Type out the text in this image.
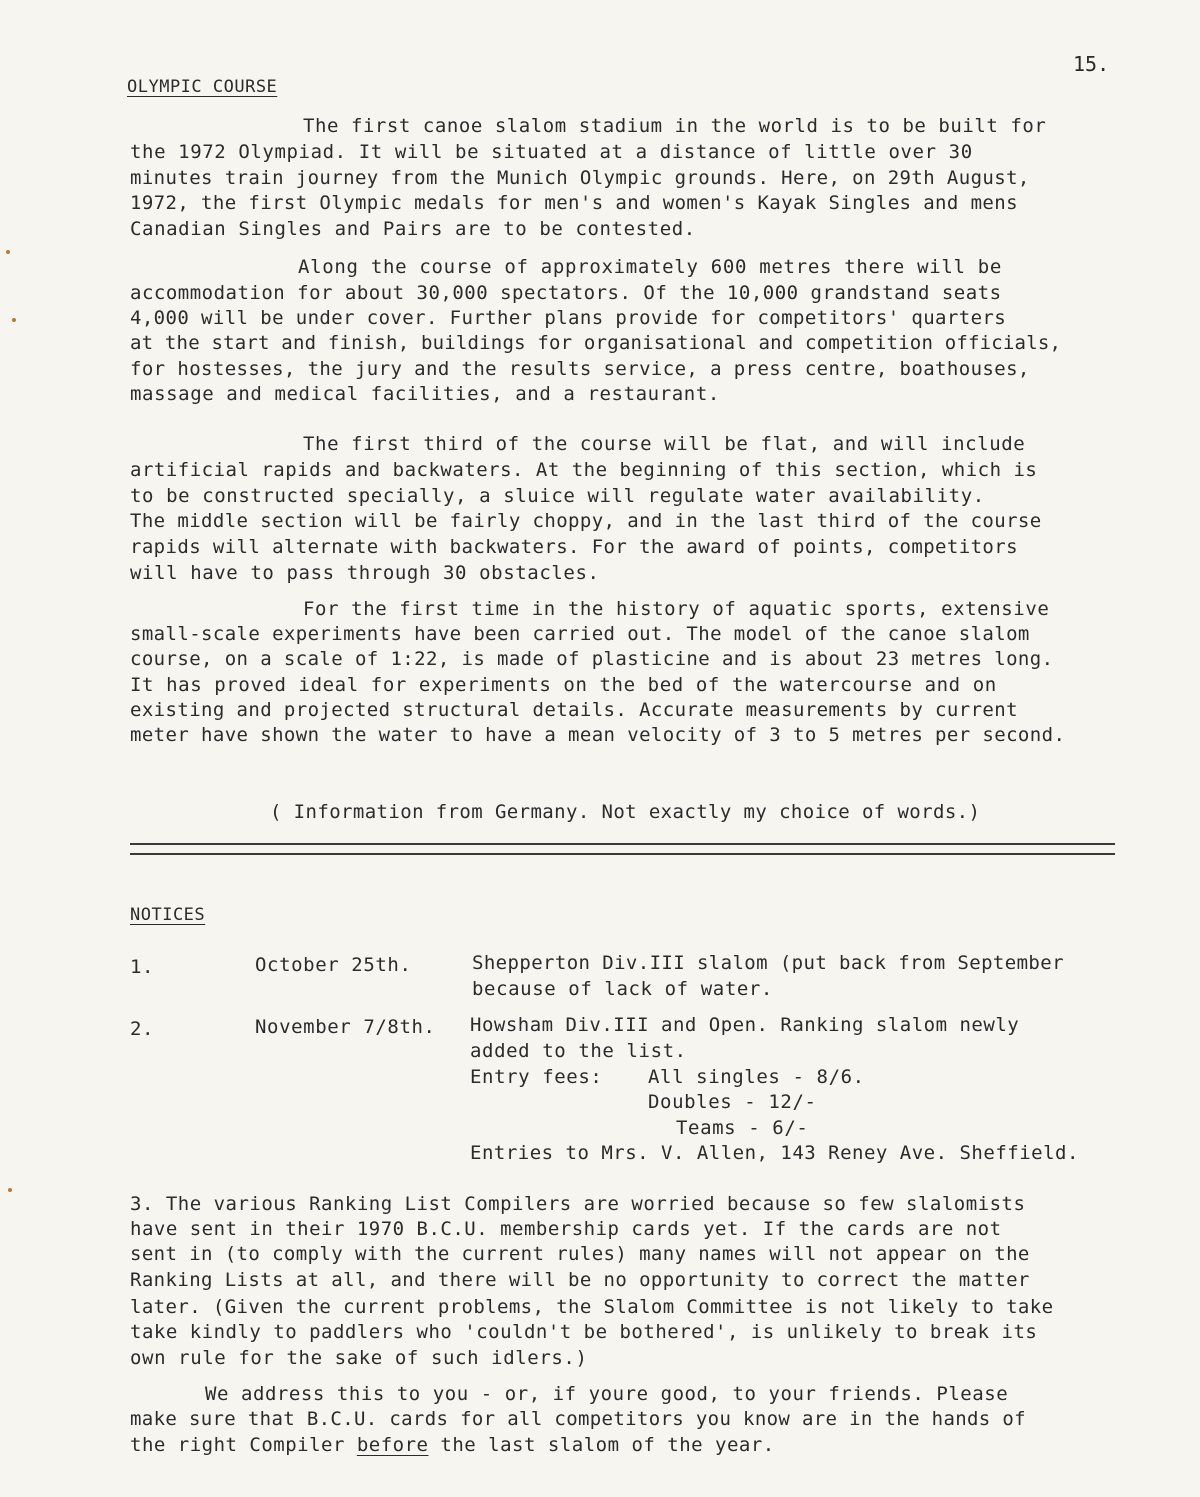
15.
OLYMPIC COURSE
The first canoe slalom stadium in the world is to be built for
the 1972 Olympiad. It will be situated at a distance of little over 30
minutes train journey from the Munich Olympic grounds. Here, on 29th August,
1972, the first Olympic medals for men's and women's Kayak Singles and mens
Canadian Singles and Pairs are to be contested.
Along the course of approximately 600 metres there will be
accommodation for about 30,000 spectators. Of the 10,000 grandstand seats
4,000 will be under cover. Further plans provide for competitors' quarters
at the start and finish, buildings for organisational and competition officials,
for hostesses, the jury and the results service, a press centre, boathouses,
massage and medical facilities, and a restaurant.
The first third of the course will be flat, and will include
artificial rapids and backwaters. At the beginning of this section, which is
to be constructed specially, a sluice will regulate water availability.
The middle section will be fairly choppy, and in the last third of the course
rapids will alternate with backwaters. For the award of points, competitors
will have to pass through 30 obstacles.
For the first time in the history of aquatic sports, extensive
small-scale experiments have been carried out. The model of the canoe slalom
course, on a scale of 1:22, is made of plasticine and is about 23 metres long.
It has proved ideal for experiments on the bed of the watercourse and on
existing and projected structural details. Accurate measurements by current
meter have shown the water to have a mean velocity of 3 to 5 metres per second.
( Information from Germany. Not exactly my choice of words.)
NOTICES
1.	October 25th.	Shepperton Div.III slalom (put back from September
because of lack of water.
2.	November 7/8th. Howsham Div.III and Open. Ranking slalom newly
added to the list.
Entry fees: All singles - 8/6.
Doubles - 12/-
Teams - 6/-
Entries to Mrs. V. Allen, 143 Reney Ave. Sheffield.
3. The various Ranking List Compilers are worried because so few slalomists
have sent in their 1970 B.C.U. membership cards yet. If the cards are not
sent in (to comply with the current rules) many names will not appear on the
Ranking Lists at all, and there will be no opportunity to correct the matter
later. (Given the current problems, the Slalom Committee is not likely to take
take kindly to paddlers who 'couldn't be bothered', is unlikely to break its
own rule for the sake of such idlers.)
We address this to you - or, if youre good, to your friends. Please
make sure that B.C.U. cards for all competitors you know are in the hands of
the right Compiler before the last slalom of the year.
